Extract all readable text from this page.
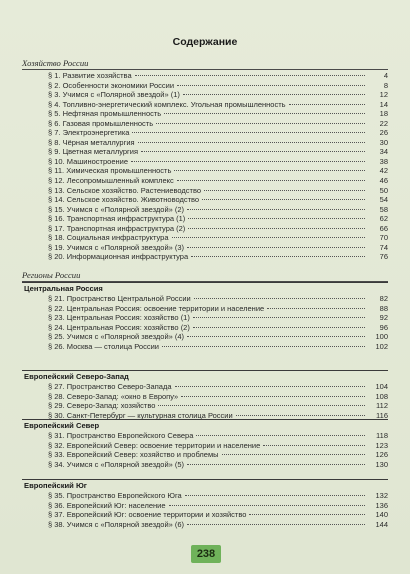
Содержание
Хозяйство России
§ 1. Развитие хозяйства	4
§ 2. Особенности экономики России	8
§ 3. Учимся с «Полярной звездой» (1)	12
§ 4. Топливно-энергетический комплекс. Угольная промышленность	14
§ 5. Нефтяная промышленность	18
§ 6. Газовая промышленность	22
§ 7. Электроэнергетика	26
§ 8. Чёрная металлургия	30
§ 9. Цветная металлургия	34
§ 10. Машиностроение	38
§ 11. Химическая промышленность	42
§ 12. Лесопромышленный комплекс	46
§ 13. Сельское хозяйство. Растениеводство	50
§ 14. Сельское хозяйство. Животноводство	54
§ 15. Учимся с «Полярной звездой» (2)	58
§ 16. Транспортная инфраструктура (1)	62
§ 17. Транспортная инфраструктура (2)	66
§ 18. Социальная инфраструктура	70
§ 19. Учимся с «Полярной звездой» (3)	74
§ 20. Информационная инфраструктура	76
Регионы России
Центральная Россия
§ 21. Пространство Центральной России	82
§ 22. Центральная Россия: освоение территории и население	88
§ 23. Центральная Россия: хозяйство (1)	92
§ 24. Центральная Россия: хозяйство (2)	96
§ 25. Учимся с «Полярной звездой» (4)	100
§ 26. Москва — столица России	102
Европейский Северо-Запад
§ 27. Пространство Северо-Запада	104
§ 28. Северо-Запад: «окно в Европу»	108
§ 29. Северо-Запад: хозяйство	112
§ 30. Санкт-Петербург — культурная столица России	116
Европейский Север
§ 31. Пространство Европейского Севера	118
§ 32. Европейский Север: освоение территории и население	123
§ 33. Европейский Север: хозяйство и проблемы	126
§ 34. Учимся с «Полярной звездой» (5)	130
Европейский Юг
§ 35. Пространство Европейского Юга	132
§ 36. Европейский Юг: население	136
§ 37. Европейский Юг: освоение территории и хозяйство	140
§ 38. Учимся с «Полярной звездой» (6)	144
238
